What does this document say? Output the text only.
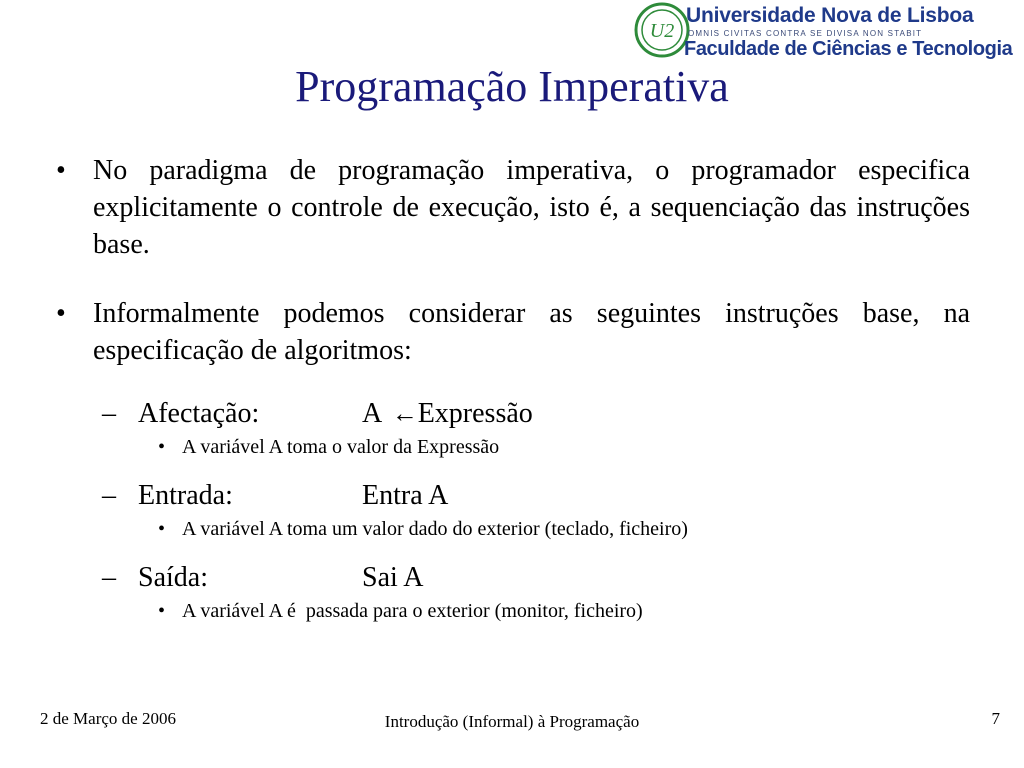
U2
Universidade Nova de Lisboa
OMNIS CIVITAS CONTRA SE DIVISA NON STABIT
Faculdade de Ciências e Tecnologia
Programação Imperativa
• No paradigma de programação imperativa, o programador especifica explicitamente o controle de execução, isto é, a sequenciação das instruções base.
• Informalmente podemos considerar as seguintes instruções base, na especificação de algoritmos:
– Afectação:	A ←Expressão
• A variável A toma o valor da Expressão
– Entrada:	Entra A
• A variável A toma um valor dado do exterior (teclado, ficheiro)
– Saída:	Sai A
• A variável A é  passada para o exterior (monitor, ficheiro)
2 de Março de 2006	Introdução (Informal) à Programação	7
